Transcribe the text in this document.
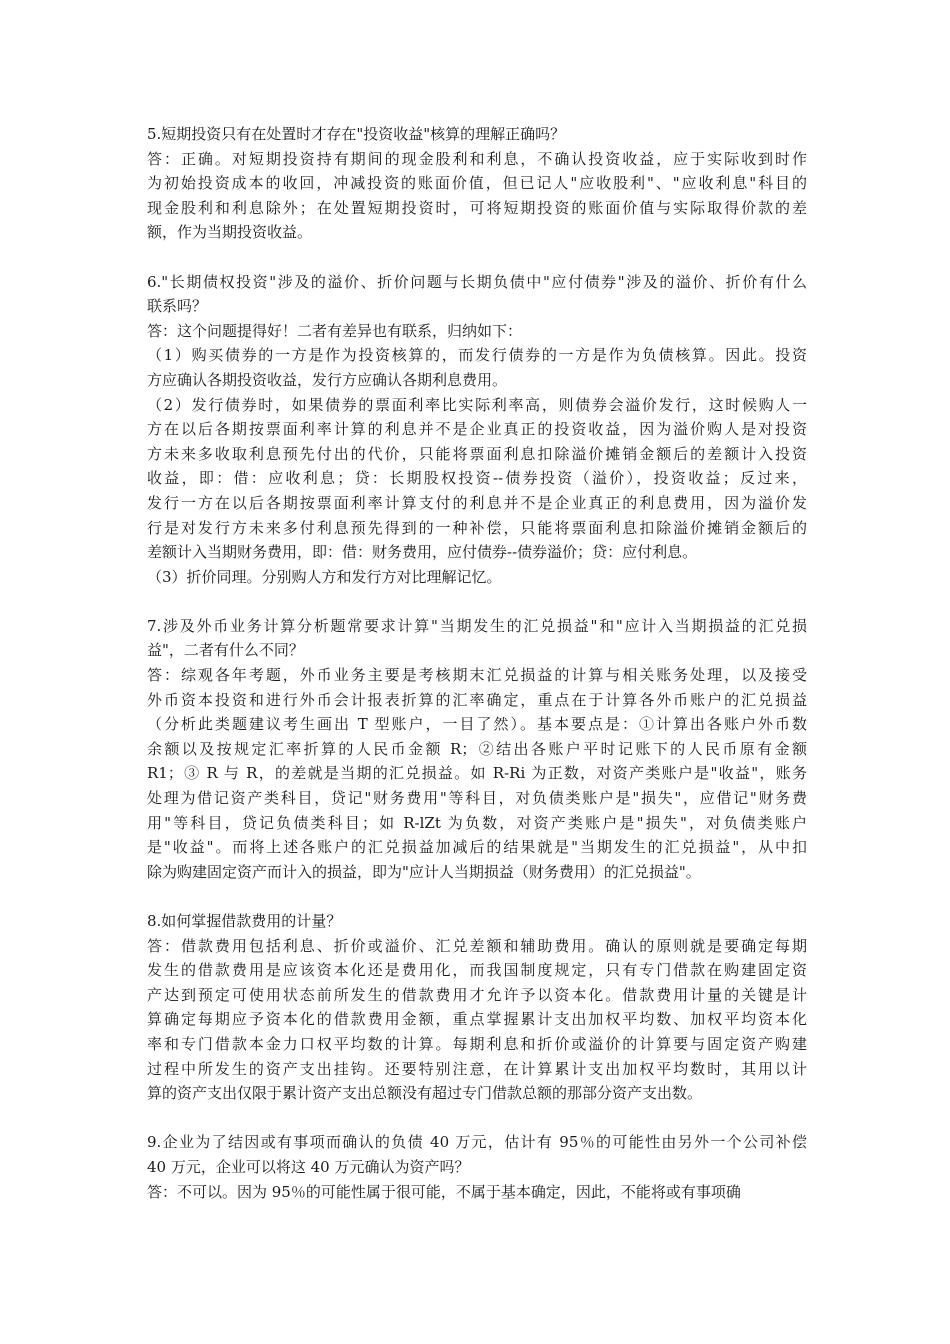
5.短期投资只有在处置时才存在"投资收益"核算的理解正确吗？
答：正确。对短期投资持有期间的现金股利和利息，不确认投资收益，应于实际收到时作
为初始投资成本的收回，冲减投资的账面价值，但已记人"应收股利"、"应收利息"科目的
现金股利和利息除外；在处置短期投资时，可将短期投资的账面价值与实际取得价款的差
额，作为当期投资收益。
6."长期债权投资"涉及的溢价、折价问题与长期负债中"应付债券"涉及的溢价、折价有什么
联系吗？
答：这个问题提得好！二者有差异也有联系，归纳如下：
（1）购买债券的一方是作为投资核算的，而发行债券的一方是作为负债核算。因此。投资
方应确认各期投资收益，发行方应确认各期利息费用。
（2）发行债券时，如果债券的票面利率比实际利率高，则债券会溢价发行，这时候购人一
方在以后各期按票面利率计算的利息并不是企业真正的投资收益，因为溢价购人是对投资
方未来多收取利息预先付出的代价，只能将票面利息扣除溢价摊销金额后的差额计入投资
收益，即：借：应收利息；贷：长期股权投资--债券投资（溢价），投资收益；反过来，
发行一方在以后各期按票面利率计算支付的利息并不是企业真正的利息费用，因为溢价发
行是对发行方未来多付利息预先得到的一种补偿，只能将票面利息扣除溢价摊销金额后的
差额计入当期财务费用，即：借：财务费用，应付债券--债券溢价；贷：应付利息。
（3）折价同理。分别购人方和发行方对比理解记忆。
7.涉及外币业务计算分析题常要求计算"当期发生的汇兑损益"和"应计入当期损益的汇兑损
益"，二者有什么不同？
答：综观各年考题，外币业务主要是考核期末汇兑损益的计算与相关账务处理，以及接受
外币资本投资和进行外币会计报表折算的汇率确定，重点在于计算各外币账户的汇兑损益
（分析此类题建议考生画出 T 型账户，一目了然）。基本要点是：①计算出各账户外币数
余额以及按规定汇率折算的人民币金额 R；②结出各账户平时记账下的人民币原有金额
R1；③ R 与 R，的差就是当期的汇兑损益。如 R-Ri 为正数，对资产类账户是"收益"，账务
处理为借记资产类科目，贷记"财务费用"等科目，对负债类账户是"损失"，应借记"财务费
用"等科目，贷记负债类科目；如 R-lZt 为负数，对资产类账户是"损失"，对负债类账户
是"收益"。而将上述各账户的汇兑损益加减后的结果就是"当期发生的汇兑损益"，从中扣
除为购建固定资产而计入的损益，即为"应计人当期损益（财务费用）的汇兑损益"。
8.如何掌握借款费用的计量？
答：借款费用包括利息、折价或溢价、汇兑差额和辅助费用。确认的原则就是要确定每期
发生的借款费用是应该资本化还是费用化，而我国制度规定，只有专门借款在购建固定资
产达到预定可使用状态前所发生的借款费用才允许予以资本化。借款费用计量的关键是计
算确定每期应予资本化的借款费用金额，重点掌握累计支出加权平均数、加权平均资本化
率和专门借款本金力口权平均数的计算。每期利息和折价或溢价的计算要与固定资产购建
过程中所发生的资产支出挂钩。还要特别注意，在计算累计支出加权平均数时，其用以计
算的资产支出仅限于累计资产支出总额没有超过专门借款总额的那部分资产支出数。
9.企业为了结因或有事项而确认的负债 40 万元，估计有 95％的可能性由另外一个公司补偿
40 万元，企业可以将这 40 万元确认为资产吗？
答：不可以。因为 95％的可能性属于很可能，不属于基本确定，因此，不能将或有事项确
